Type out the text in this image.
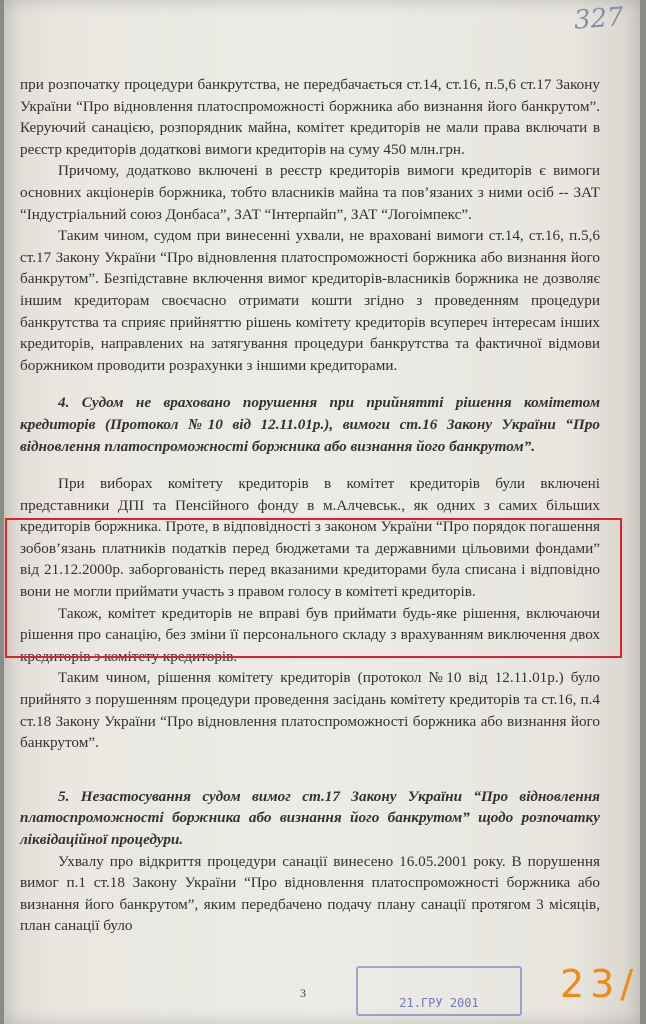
327

при розпочатку процедури банкрутства, не передбачається ст.14, ст.16, п.5,6 ст.17 Закону України “Про відновлення платоспроможності боржника або визнання його банкрутом”. Керуючий санацією, розпорядник майна, комітет кредиторів не мали права включати в реєстр кредиторів додаткові вимоги кредиторів на суму 450 млн.грн.

Причому, додатково включені в реєстр кредиторів вимоги кредиторів є вимоги основних акціонерів боржника, тобто власників майна та пов’язаних з ними осіб -- ЗАТ “Індустріальний союз Донбаса”, ЗАТ “Інтерпайп”, ЗАТ “Логоімпекс”.

Таким чином, судом при винесенні ухвали, не враховані вимоги ст.14, ст.16, п.5,6 ст.17 Закону України “Про відновлення платоспроможності боржника або визнання його банкрутом”. Безпідставне включення вимог кредиторів-власників боржника не дозволяє іншим кредиторам своєчасно отримати кошти згідно з проведенням процедури банкрутства та сприяє прийняттю рішень комітету кредиторів всупереч інтересам інших кредиторів, направлених на затягування процедури банкрутства та фактичної відмови боржником проводити розрахунки з іншими кредиторами.

4. Судом не враховано порушення при прийнятті рішення комітетом кредиторів (Протокол №10 від 12.11.01р.), вимоги ст.16 Закону України “Про відновлення платоспроможності боржника або визнання його банкрутом”.

При виборах комітету кредиторів в комітет кредиторів були включені представники ДПІ та Пенсійного фонду в м.Алчевськ., як одних з самих більших кредиторів боржника. Проте, в відповідності з законом України “Про порядок погашення зобов’язань платників податків перед бюджетами та державними цільовими фондами” від 21.12.2000р. заборгованість перед вказаними кредиторами була списана і відповідно вони не могли приймати участь з правом голосу в комітеті кредиторів.

Також, комітет кредиторів не вправі був приймати будь-яке рішення, включаючи рішення про санацію, без зміни її персонального складу з врахуванням виключення двох кредиторів з комітету кредиторів.

Таким чином, рішення комітету кредиторів (протокол №10 від 12.11.01р.) було прийнято з порушенням процедури проведення засідань комітету кредиторів та ст.16, п.4 ст.18 Закону України “Про відновлення платоспроможності боржника або визнання його банкрутом”.

5. Незастосування судом вимог ст.17 Закону України “Про відновлення платоспроможності боржника або визнання його банкрутом” щодо розпочатку ліквідаційної процедури.

Ухвалу про відкриття процедури санації винесено 16.05.2001 року. В порушення вимог п.1 ст.18 Закону України “Про відновлення платоспроможності боржника або визнання його банкрутом”, яким передбачено подачу плану санації протягом 3 місяців, план санації було

3
21.ГРУ 2001 23/
